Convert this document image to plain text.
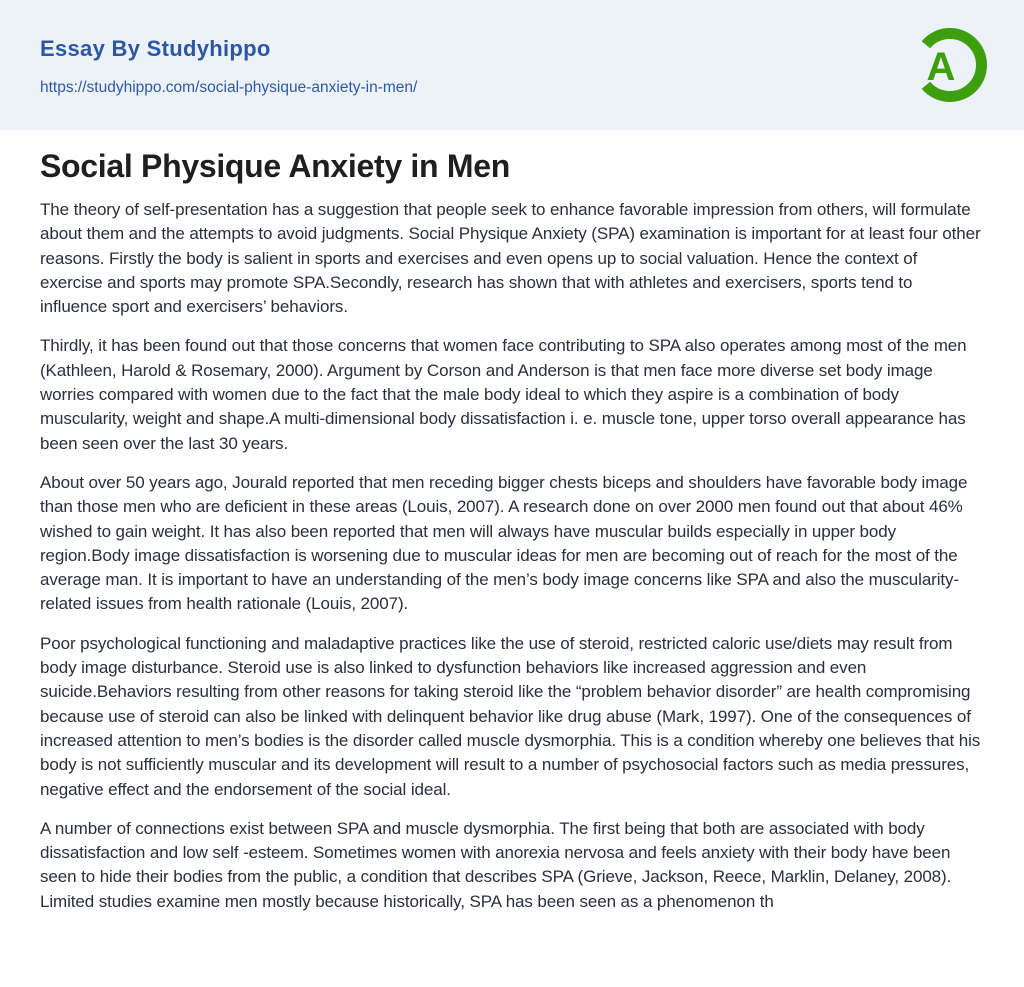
Essay By Studyhippo
https://studyhippo.com/social-physique-anxiety-in-men/	A
Social Physique Anxiety in Men

The theory of self-presentation has a suggestion that people seek to enhance favorable impression from others, will formulate about them and the attempts to avoid judgments. Social Physique Anxiety (SPA) examination is important for at least four other reasons. Firstly the body is salient in sports and exercises and even opens up to social valuation. Hence the context of exercise and sports may promote SPA.Secondly, research has shown that with athletes and exercisers, sports tend to influence sport and exercisers’ behaviors.

Thirdly, it has been found out that those concerns that women face contributing to SPA also operates among most of the men (Kathleen, Harold & Rosemary, 2000). Argument by Corson and Anderson is that men face more diverse set body image worries compared with women due to the fact that the male body ideal to which they aspire is a combination of body muscularity, weight and shape.A multi-dimensional body dissatisfaction i. e. muscle tone, upper torso overall appearance has been seen over the last 30 years.

About over 50 years ago, Jourald reported that men receding bigger chests biceps and shoulders have favorable body image than those men who are deficient in these areas (Louis, 2007). A research done on over 2000 men found out that about 46% wished to gain weight. It has also been reported that men will always have muscular builds especially in upper body region.Body image dissatisfaction is worsening due to muscular ideas for men are becoming out of reach for the most of the average man. It is important to have an understanding of the men’s body image concerns like SPA and also the muscularity- related issues from health rationale (Louis, 2007).

Poor psychological functioning and maladaptive practices like the use of steroid, restricted caloric use/diets may result from body image disturbance. Steroid use is also linked to dysfunction behaviors like increased aggression and even suicide.Behaviors resulting from other reasons for taking steroid like the “problem behavior disorder” are health compromising because use of steroid can also be linked with delinquent behavior like drug abuse (Mark, 1997). One of the consequences of increased attention to men’s bodies is the disorder called muscle dysmorphia. This is a condition whereby one believes that his body is not sufficiently muscular and its development will result to a number of psychosocial factors such as media pressures, negative effect and the endorsement of the social ideal.

A number of connections exist between SPA and muscle dysmorphia. The first being that both are associated with body dissatisfaction and low self -esteem. Sometimes women with anorexia nervosa and feels anxiety with their body have been seen to hide their bodies from the public, a condition that describes SPA (Grieve, Jackson, Reece, Marklin, Delaney, 2008). Limited studies examine men mostly because historically, SPA has been seen as a phenomenon th
